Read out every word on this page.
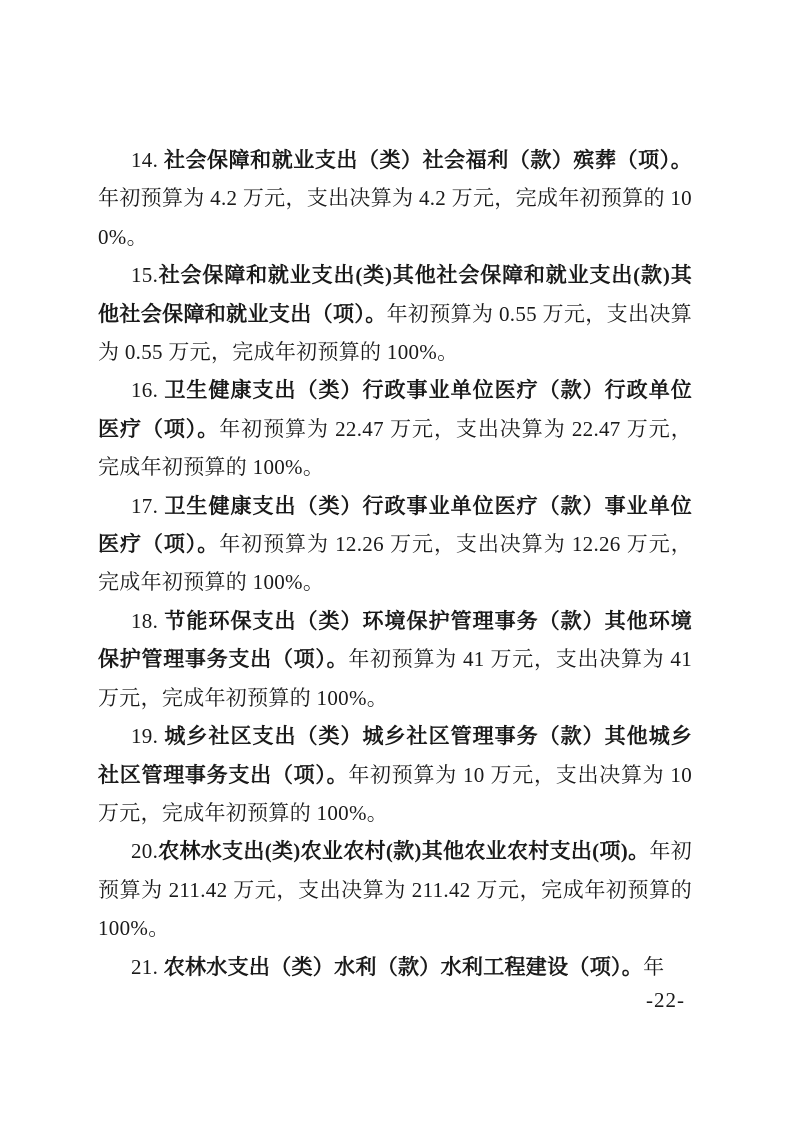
14. 社会保障和就业支出（类）社会福利（款）殡葬（项）。年初预算为 4.2 万元，支出决算为 4.2 万元，完成年初预算的 100%。

15.社会保障和就业支出(类)其他社会保障和就业支出(款)其他社会保障和就业支出（项）。年初预算为 0.55 万元，支出决算为 0.55 万元，完成年初预算的 100%。

16. 卫生健康支出（类）行政事业单位医疗（款）行政单位医疗（项）。年初预算为 22.47 万元，支出决算为 22.47 万元，完成年初预算的 100%。

17. 卫生健康支出（类）行政事业单位医疗（款）事业单位医疗（项）。年初预算为 12.26 万元，支出决算为 12.26 万元，完成年初预算的 100%。

18. 节能环保支出（类）环境保护管理事务（款）其他环境保护管理事务支出（项）。年初预算为 41 万元，支出决算为 41 万元，完成年初预算的 100%。

19. 城乡社区支出（类）城乡社区管理事务（款）其他城乡社区管理事务支出（项）。年初预算为 10 万元，支出决算为 10 万元，完成年初预算的 100%。

20.农林水支出(类)农业农村(款)其他农业农村支出(项)。年初预算为 211.42 万元，支出决算为 211.42 万元，完成年初预算的 100%。

21. 农林水支出（类）水利（款）水利工程建设（项）。年

-22-
